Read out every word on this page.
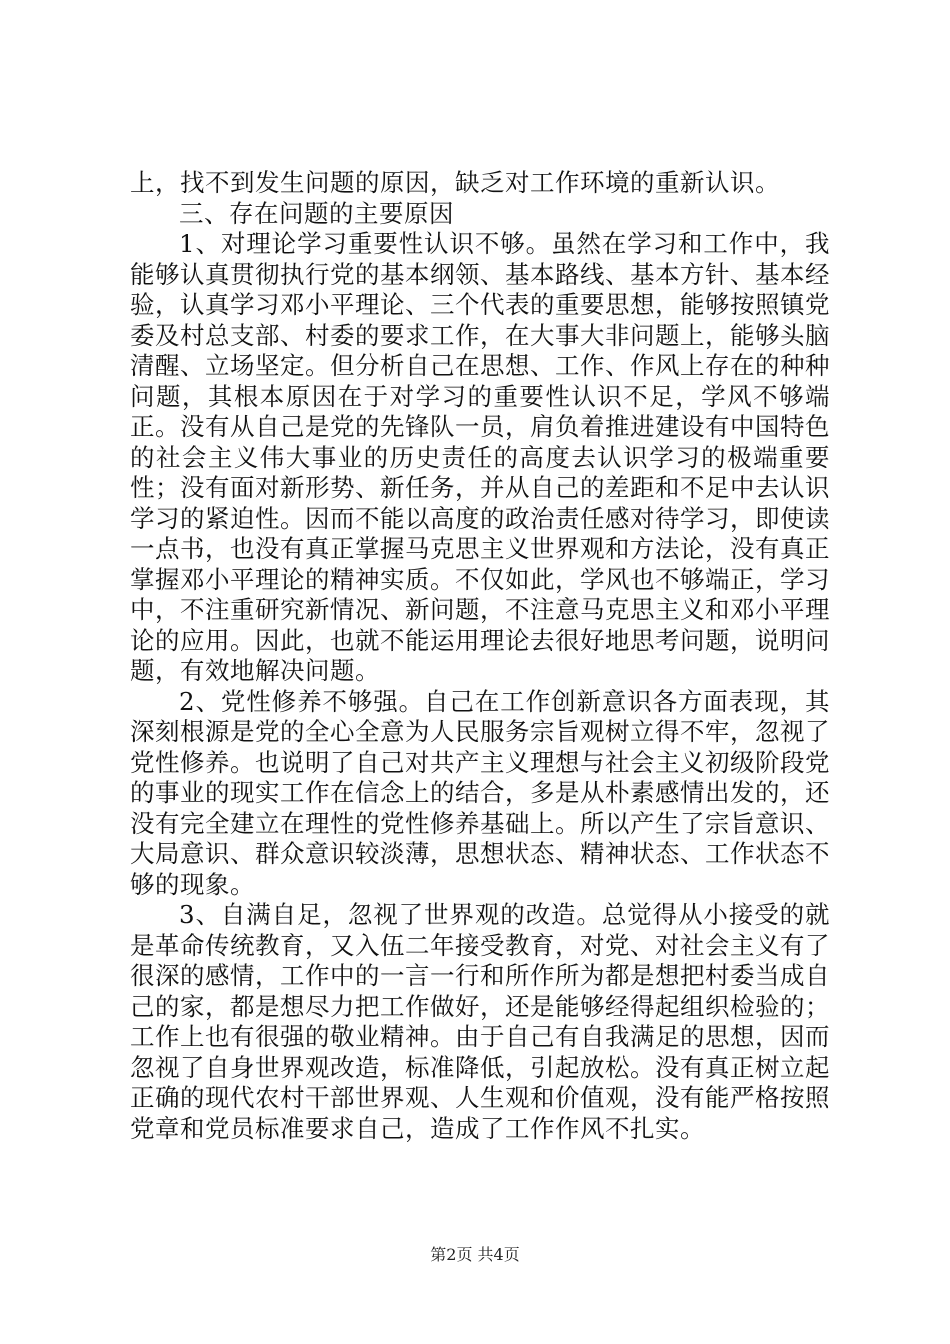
上，找不到发生问题的原因，缺乏对工作环境的重新认识。

三、存在问题的主要原因

1、对理论学习重要性认识不够。虽然在学习和工作中，我能够认真贯彻执行党的基本纲领、基本路线、基本方针、基本经验，认真学习邓小平理论、三个代表的重要思想，能够按照镇党委及村总支部、村委的要求工作，在大事大非问题上，能够头脑清醒、立场坚定。但分析自己在思想、工作、作风上存在的种种问题，其根本原因在于对学习的重要性认识不足，学风不够端正。没有从自己是党的先锋队一员，肩负着推进建设有中国特色的社会主义伟大事业的历史责任的高度去认识学习的极端重要性；没有面对新形势、新任务，并从自己的差距和不足中去认识学习的紧迫性。因而不能以高度的政治责任感对待学习，即使读一点书，也没有真正掌握马克思主义世界观和方法论，没有真正掌握邓小平理论的精神实质。不仅如此，学风也不够端正，学习中，不注重研究新情况、新问题，不注意马克思主义和邓小平理论的应用。因此，也就不能运用理论去很好地思考问题，说明问题，有效地解决问题。

2、党性修养不够强。自己在工作创新意识各方面表现，其深刻根源是党的全心全意为人民服务宗旨观树立得不牢，忽视了党性修养。也说明了自己对共产主义理想与社会主义初级阶段党的事业的现实工作在信念上的结合，多是从朴素感情出发的，还没有完全建立在理性的党性修养基础上。所以产生了宗旨意识、大局意识、群众意识较淡薄，思想状态、精神状态、工作状态不够的现象。

3、自满自足，忽视了世界观的改造。总觉得从小接受的就是革命传统教育，又入伍二年接受教育，对党、对社会主义有了很深的感情，工作中的一言一行和所作所为都是想把村委当成自己的家，都是想尽力把工作做好，还是能够经得起组织检验的；工作上也有很强的敬业精神。由于自己有自我满足的思想，因而忽视了自身世界观改造，标准降低，引起放松。没有真正树立起正确的现代农村干部世界观、人生观和价值观，没有能严格按照党章和党员标准要求自己，造成了工作作风不扎实。

第2页 共4页
